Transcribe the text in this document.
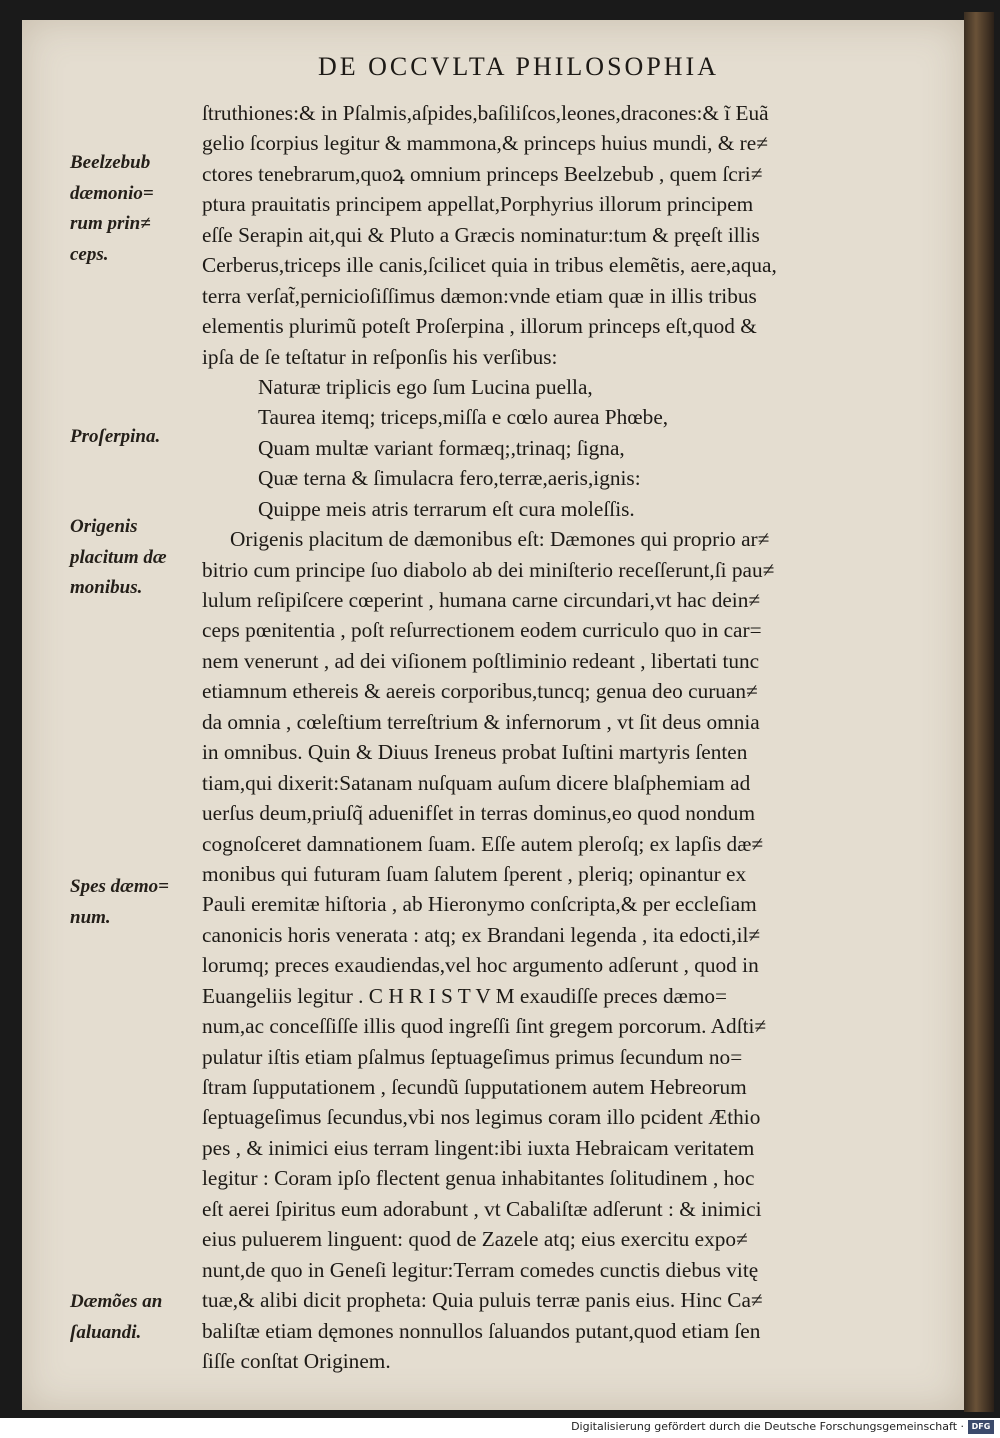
DE OCCVLTA PHILOSOPHIA
Beelzebub
dæmonio=
rum prin≠
ceps.
Proſerpina.
Origenis
placitum dæ
monibus.
Spes dæmo=
num.
Dæmões an
ſaluandi.
ſtruthiones:& in Pſalmis,aſpides,baſiliſcos,leones,dracones:& ĩ Euã
gelio ſcorpius legitur & mammona,& princeps huius mundi, & re≠
ctores tenebrarum,quoꝝ omnium princeps Beelzebub , quem ſcri≠
ptura prauitatis principem appellat,Porphyrius illorum principem
eſſe Serapin ait,qui & Pluto a Græcis nominatur:tum & pręeſt illis
Cerberus,triceps ille canis,ſcilicet quia in tribus elemẽtis, aere,aqua,
terra verſat̃,pernicioſiſſimus dæmon:vnde etiam quæ in illis tribus
elementis plurimũ poteſt Proſerpina , illorum princeps eſt,quod &
ipſa de ſe teſtatur in reſponſis his verſibus:
Naturæ triplicis ego ſum Lucina puella,
Taurea itemq; triceps,miſſa e cœlo aurea Phœbe,
Quam multæ variant formæq;,trinaq; ſigna,
Quæ terna & ſimulacra fero,terræ,aeris,ignis:
Quippe meis atris terrarum eſt cura moleſſis.
Origenis placitum de dæmonibus eſt: Dæmones qui proprio ar≠
bitrio cum principe ſuo diabolo ab dei miniſterio receſſerunt,ſi pau≠
lulum reſipiſcere cœperint , humana carne circundari,vt hac dein≠
ceps pœnitentia , poſt reſurrectionem eodem curriculo quo in car=
nem venerunt , ad dei viſionem poſtliminio redeant , libertati tunc
etiamnum ethereis & aereis corporibus,tuncq; genua deo curuan≠
da omnia , cœleſtium terreſtrium & infernorum , vt ſit deus omnia
in omnibus. Quin & Diuus Ireneus probat Iuſtini martyris ſenten
tiam,qui dixerit:Satanam nuſquam auſum dicere blaſphemiam ad
uerſus deum,priuſq̃ aduenifſet in terras dominus,eo quod nondum
cognoſceret damnationem ſuam. Eſſe autem pleroſq; ex lapſis dæ≠
monibus qui futuram ſuam ſalutem ſperent , pleriq; opinantur ex
Pauli eremitæ hiſtoria , ab Hieronymo conſcripta,& per eccleſiam
canonicis horis venerata : atq; ex Brandani legenda , ita edocti,il≠
lorumq; preces exaudiendas,vel hoc argumento adſerunt , quod in
Euangeliis legitur . C H R I S T V M exaudiſſe preces dæmo=
num,ac conceſſiſſe illis quod ingreſſi ſint gregem porcorum. Adſti≠
pulatur iſtis etiam pſalmus ſeptuageſimus primus ſecundum no=
ſtram ſupputationem , ſecundũ ſupputationem autem Hebreorum
ſeptuageſimus ſecundus,vbi nos legimus coram illo pcident Æthio
pes , & inimici eius terram lingent:ibi iuxta Hebraicam veritatem
legitur : Coram ipſo flectent genua inhabitantes ſolitudinem , hoc
eſt aerei ſpiritus eum adorabunt , vt Cabaliſtæ adſerunt : & inimici
eius puluerem linguent: quod de Zazele atq; eius exercitu expo≠
nunt,de quo in Geneſi legitur:Terram comedes cunctis diebus vitę
tuæ,& alibi dicit propheta: Quia puluis terræ panis eius. Hinc Ca≠
baliſtæ etiam dęmones nonnullos ſaluandos putant,quod etiam ſen
ſiſſe conſtat Originem.
Digitalisierung gefördert durch die Deutsche Forschungsgemeinschaft · DFG
